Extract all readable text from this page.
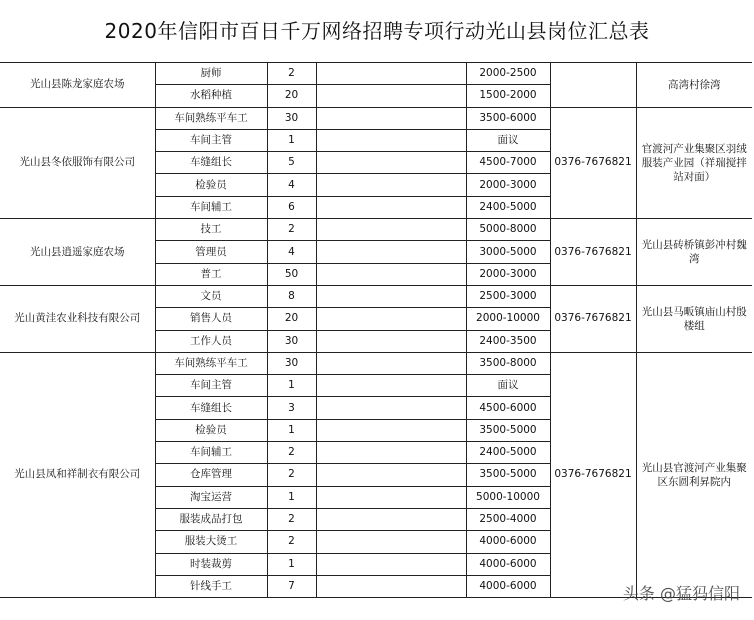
2020年信阳市百日千万网络招聘专项行动光山县岗位汇总表
光山县陈龙家庭农场	厨师	2		2000-2500		高湾村徐湾

	水稻种植	20		1500-2000		
光山县冬依服饰有限公司	车间熟练平车工	30		3500-6000	0376-7676821	官渡河产业集聚区羽绒服装产业园（祥瑞搅拌站对面）

	车间主管	1		面议		
	车缝组长	5		4500-7000		
	检验员	4		2000-3000		
	车间辅工	6		2400-5000		
光山县逍遥家庭农场	技工	2		5000-8000	0376-7676821	光山县砖桥镇彭冲村魏湾

	管理员	4		3000-5000		
	普工	50		2000-3000		
光山黄洼农业科技有限公司	文员	8		2500-3000	0376-7676821	光山县马畈镇庙山村殷楼组

	销售人员	20		2000-10000		
	工作人员	30		2400-3500		
光山县凤和祥制衣有限公司	车间熟练平车工	30		3500-8000	0376-7676821	光山县官渡河产业集聚区东圆利昇院内

	车间主管	1		面议		
	车缝组长	3		4500-6000		
	检验员	1		3500-5000		
	车间辅工	2		2400-5000		
	仓库管理	2		3500-5000		
	淘宝运营	1		5000-10000		
	服装成品打包	2		2500-4000		
	服装大烫工	2		4000-6000		
	时装裁剪	1		4000-6000		
	针线手工	7		4000-6000			头条 @猛犸信阳
